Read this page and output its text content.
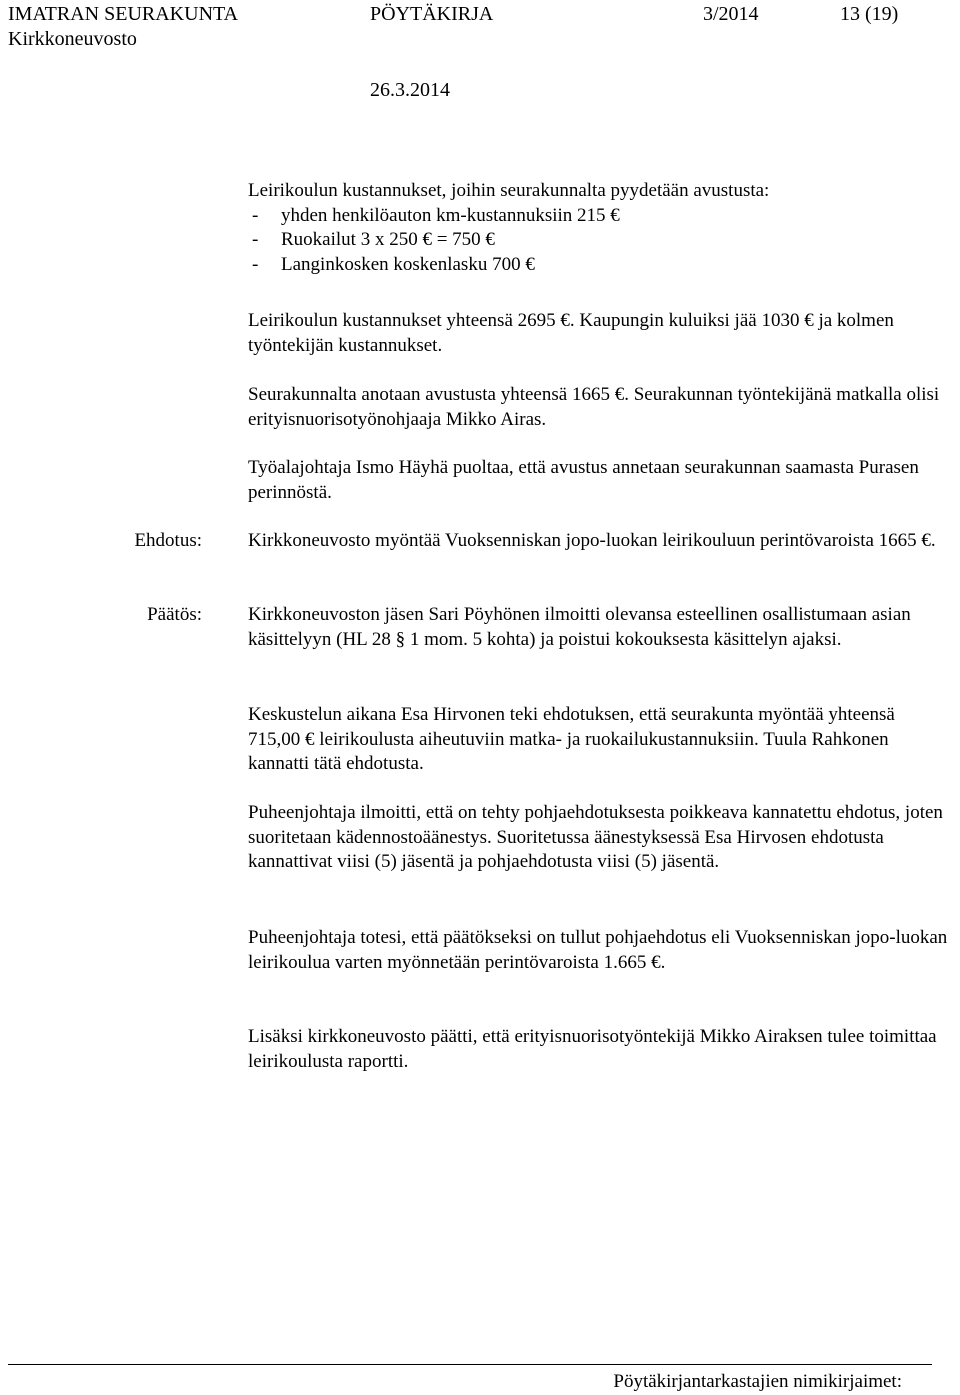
IMATRAN SEURAKUNTA	PÖYTÄKIRJA	3/2014	13 (19)
Kirkkoneuvosto
26.3.2014

Leirikoulun kustannukset, joihin seurakunnalta pyydetään avustusta:

- yhden henkilöauton km-kustannuksiin 215 €
- Ruokailut 3 x 250 € = 750 €
- Langinkosken koskenlasku 700 €
Leirikoulun kustannukset yhteensä 2695 €. Kaupungin kuluiksi jää 1030 € ja kolmen työntekijän kustannukset.
Seurakunnalta anotaan avustusta yhteensä 1665 €. Seurakunnan työntekijänä matkalla olisi erityisnuorisotyönohjaaja Mikko Airas.
Työalajohtaja Ismo Häyhä puoltaa, että avustus annetaan seurakunnan saamasta Purasen perinnöstä.
Ehdotus: Kirkkoneuvosto myöntää Vuoksenniskan jopo-luokan leirikouluun perintövaroista 1665 €.
Päätös: Kirkkoneuvoston jäsen Sari Pöyhönen ilmoitti olevansa esteellinen osallistumaan asian käsittelyyn (HL 28 § 1 mom. 5 kohta) ja poistui kokouksesta käsittelyn ajaksi.
Keskustelun aikana Esa Hirvonen teki ehdotuksen, että seurakunta myöntää yhteensä 715,00 € leirikoulusta aiheutuviin matka- ja ruokailukustannuksiin. Tuula Rahkonen kannatti tätä ehdotusta.
Puheenjohtaja ilmoitti, että on tehty pohjaehdotuksesta poikkeava kannatettu ehdotus, joten suoritetaan kädennostoäänestys. Suoritetussa äänestyksessä Esa Hirvosen ehdotusta kannattivat viisi (5) jäsentä ja pohjaehdotusta viisi (5) jäsentä.
Puheenjohtaja totesi, että päätökseksi on tullut pohjaehdotus eli Vuoksenniskan jopo-luokan leirikoulua varten myönnetään perintövaroista 1.665 €.
Lisäksi kirkkoneuvosto päätti, että erityisnuorisotyöntekijä Mikko Airaksen tulee toimittaa leirikoulusta raportti.
Pöytäkirjantarkastajien nimikirjaimet:
